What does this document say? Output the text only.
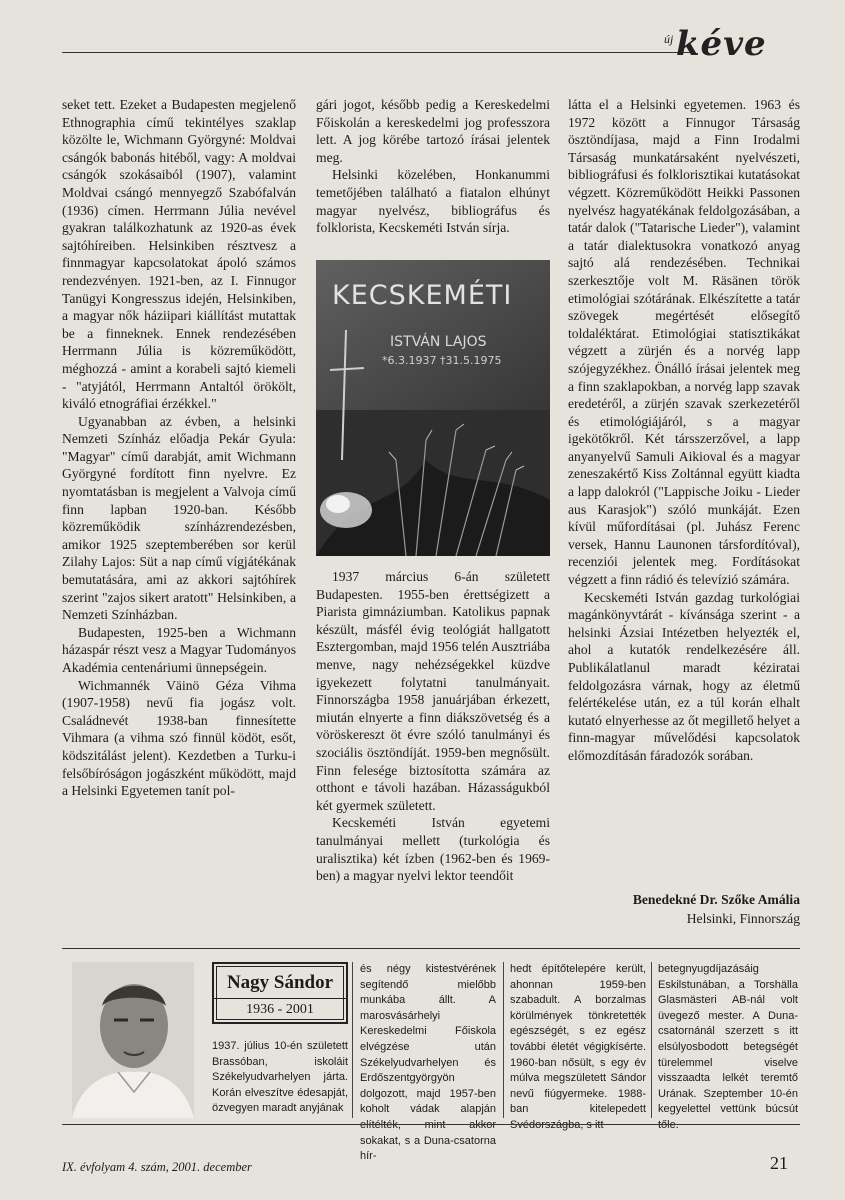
új kéve

seket tett. Ezeket a Budapesten megjelenő Ethnographia című tekintélyes szaklap közölte le, Wichmann Györgyné: Moldvai csángók babonás hitéből, vagy: A moldvai csángók szokásaiból (1907), valamint Moldvai csángó mennyegző Szabófalván (1936) címen. Herrmann Júlia nevével gyakran találkozhatunk az 1920-as évek sajtóhíreiben. Helsinkiben résztvesz a finnmagyar kapcsolatokat ápoló számos rendezvényen. 1921-ben, az I. Finnugor Tanügyi Kongresszus idején, Helsinkiben, a magyar nők háziipari kiállítást mutattak be a finneknek. Ennek rendezésében Herrmann Júlia is közreműködött, méghozzá - amint a korabeli sajtó kiemeli - "atyjától, Herrmann Antaltól örökölt, kiváló etnográfiai érzékkel."

Ugyanabban az évben, a helsinki Nemzeti Színház előadja Pekár Gyula: "Magyar" című darabját, amit Wichmann Györgyné fordított finn nyelvre. Ez nyomtatásban is megjelent a Valvoja című finn lapban 1920-ban. Később közreműködik színházrendezésben, amikor 1925 szeptemberében sor kerül Zilahy Lajos: Süt a nap című vígjátékának bemutatására, ami az akkori sajtóhírek szerint "zajos sikert aratott" Helsinkiben, a Nemzeti Színházban.

Budapesten, 1925-ben a Wichmann házaspár részt vesz a Magyar Tudományos Akadémia centenáriumi ünnepségein.

Wichmannék Väinö Géza Vihma (1907-1958) nevű fia jogász volt. Családnevét 1938-ban finnesítette Vihmara (a vihma szó finnül ködöt, esőt, ködszitálást jelent). Kezdetben a Turku-i felsőbíróságon jogászként működött, majd a Helsinki Egyetemen tanít pol-

gári jogot, később pedig a Kereskedelmi Főiskolán a kereskedelmi jog professzora lett. A jog körébe tartozó írásai jelentek meg.

Helsinki közelében, Honkanummi temetőjében található a fiatalon elhúnyt magyar nyelvész, bibliográfus és folklorista, Kecskeméti István sírja.

KECSKEMÉTI
ISTVÁN LAJOS
*6.3.1937 †31.5.1975

1937 március 6-án született Budapesten. 1955-ben érettségizett a Piarista gimnáziumban. Katolikus papnak készült, másfél évig teológiát hallgatott Esztergomban, majd 1956 telén Ausztriába menve, nagy nehézségekkel küzdve igyekezett folytatni tanulmányait. Finnországba 1958 januárjában érkezett, miután elnyerte a finn diákszövetség és a vöröskereszt öt évre szóló tanulmányi és szociális ösztöndíját. 1959-ben megnősült. Finn felesége biztosította számára az otthont e távoli hazában. Házasságukból két gyermek született.

Kecskeméti István egyetemi tanulmányai mellett (turkológia és uralisztika) két ízben (1962-ben és 1969-ben) a magyar nyelvi lektor teendőit

látta el a Helsinki egyetemen. 1963 és 1972 között a Finnugor Társaság ösztöndíjasa, majd a Finn Irodalmi Társaság munkatársaként nyelvészeti, bibliográfusi és folklorisztikai kutatásokat végzett. Közreműködött Heikki Passonen nyelvész hagyatékának feldolgozásában, a tatár dalok ("Tatarische Lieder"), valamint a tatár dialektusokra vonatkozó anyag sajtó alá rendezésében. Technikai szerkesztője volt M. Räsänen török etimológiai szótárának. Elkészítette a tatár szövegek megértését elősegítő toldaléktárat. Etimológiai statisztikákat végzett a zürjén és a norvég lapp szójegyzékhez. Önálló írásai jelentek meg a finn szaklapokban, a norvég lapp szavak eredetéről, a zürjén szavak szerkezetéről és etimológiájáról, s a magyar igekötőkről. Két társszerzővel, a lapp anyanyelvű Samuli Aikioval és a magyar zeneszakértő Kiss Zoltánnal együtt kiadta a lapp dalokról ("Lappische Joiku - Lieder aus Karasjok") szóló munkáját. Ezen kívül műfordításai (pl. Juhász Ferenc versek, Hannu Launonen társfordítóval), recenziói jelentek meg. Fordításokat végzett a finn rádió és televízió számára.

Kecskeméti István gazdag turkológiai magánkönyvtárát - kívánsága szerint - a helsinki Ázsiai Intézetben helyezték el, ahol a kutatók rendelkezésére áll. Publikálatlanul maradt kéziratai feldolgozásra várnak, hogy az életmű felértékelése után, ez a túl korán elhalt kutató elnyerhesse az őt megillető helyet a finn-magyar művelődési kapcsolatok előmozdításán fáradozók sorában.

Benedekné Dr. Szőke Amália
Helsinki, Finnország
Nagy Sándor
1936 - 2001

1937. július 10-én született Brassóban, iskoláit Székelyudvarhelyen járta. Korán elveszítve édesapját, özvegyen maradt anyjának

és négy kistestvérének segítendő mielőbb munkába állt. A marosvásárhelyi Kereskedelmi Főiskola elvégzése után Székelyudvarhelyen és Erdőszentgyörgyön dolgozott, majd 1957-ben koholt vádak alapján elítélték, mint akkor sokakat, s a Duna-csatorna hír-

hedt építőtelepére került, ahonnan 1959-ben szabadult. A borzalmas körülmények tönkretették egészségét, s ez egész további életét végigkísérte. 1960-ban nősült, s egy év múlva megszületett Sándor nevű fiúgyermeke. 1988-ban kitelepedett Svédországba, s itt

betegnyugdíjazásáig Eskilstunában, a Torshälla Glasmästeri AB-nál volt üvegező mester. A Duna-csatornánál szerzett s itt elsúlyosbodott betegségét türelemmel viselve visszaadta lelkét teremtő Urának. Szeptember 10-én kegyelettel vettünk búcsút tőle.

IX. évfolyam 4. szám, 2001. december	21
